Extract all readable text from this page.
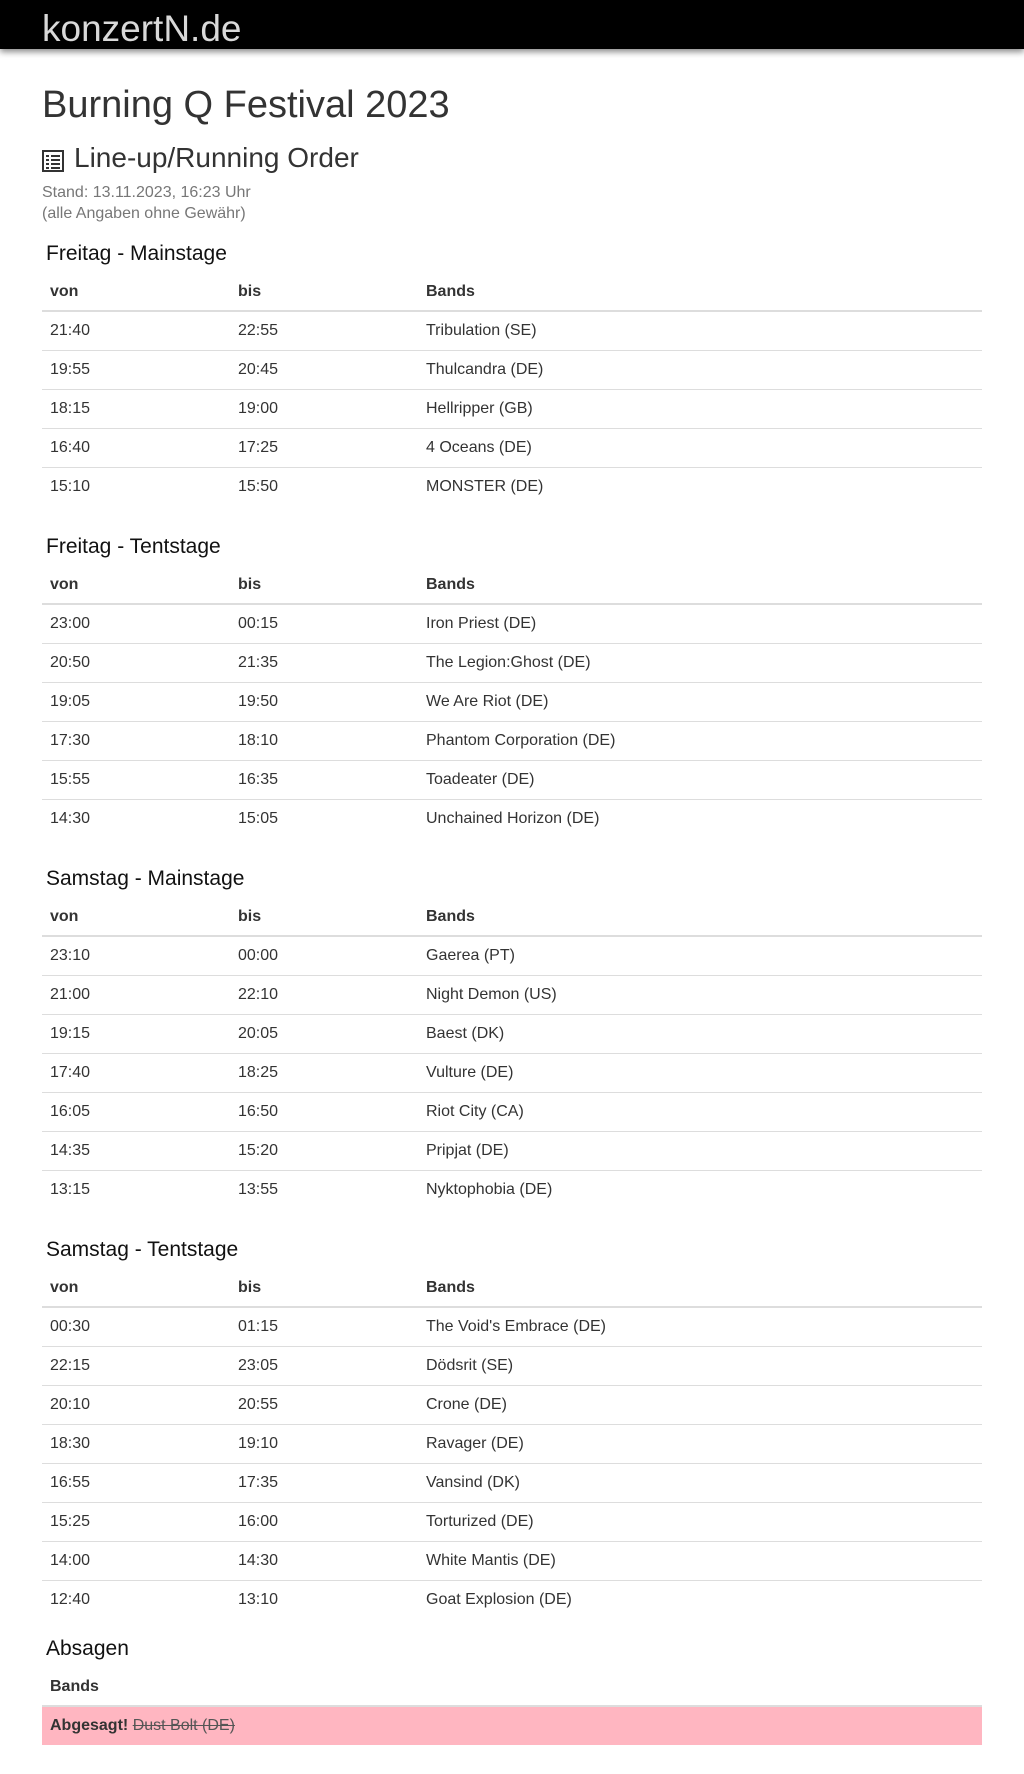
konzertN.de
Burning Q Festival 2023
Line-up/Running Order
Stand: 13.11.2023, 16:23 Uhr
(alle Angaben ohne Gewähr)
Freitag - Mainstage
von	bis	Bands
21:40	22:55	Tribulation (SE)
19:55	20:45	Thulcandra (DE)
18:15	19:00	Hellripper (GB)
16:40	17:25	4 Oceans (DE)
15:10	15:50	MONSTER (DE)
Freitag - Tentstage
von	bis	Bands
23:00	00:15	Iron Priest (DE)
20:50	21:35	The Legion:Ghost (DE)
19:05	19:50	We Are Riot (DE)
17:30	18:10	Phantom Corporation (DE)
15:55	16:35	Toadeater (DE)
14:30	15:05	Unchained Horizon (DE)
Samstag - Mainstage
von	bis	Bands
23:10	00:00	Gaerea (PT)
21:00	22:10	Night Demon (US)
19:15	20:05	Baest (DK)
17:40	18:25	Vulture (DE)
16:05	16:50	Riot City (CA)
14:35	15:20	Pripjat (DE)
13:15	13:55	Nyktophobia (DE)
Samstag - Tentstage
von	bis	Bands
00:30	01:15	The Void's Embrace (DE)
22:15	23:05	Dödsrit (SE)
20:10	20:55	Crone (DE)
18:30	19:10	Ravager (DE)
16:55	17:35	Vansind (DK)
15:25	16:00	Torturized (DE)
14:00	14:30	White Mantis (DE)
12:40	13:10	Goat Explosion (DE)
Absagen
Bands
Abgesagt! Dust Bolt (DE)
